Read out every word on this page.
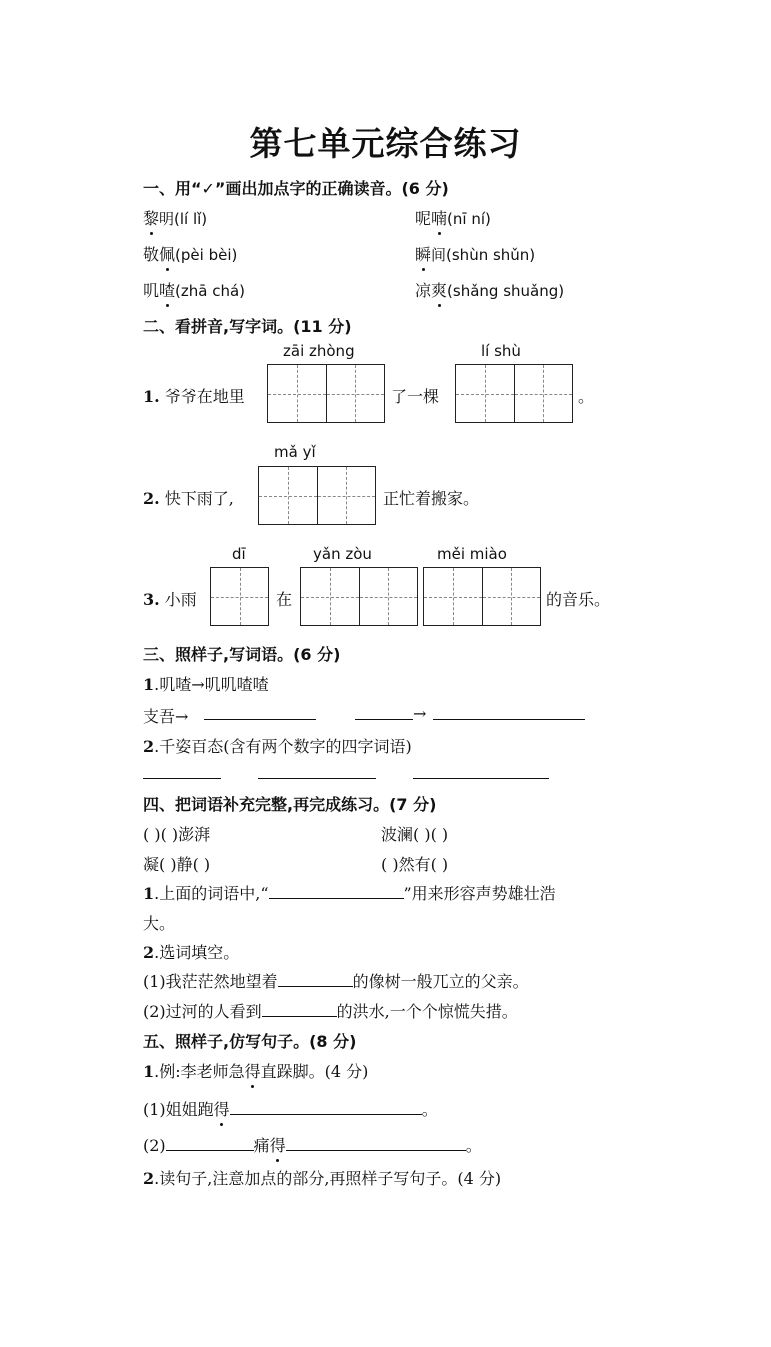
第七单元综合练习
一、用“✓”画出加点字的正确读音。(6 分)
黎明(lí lǐ)	呢喃(nī ní)
敬佩(pèi bèi)	瞬间(shùn shǔn)
叽喳(zhā chá)	凉爽(shǎng shuǎng)
二、看拼音,写字词。(11 分)
zāi zhòng	lí shù
1. 爷爷在地里	了一棵	。
mǎ yǐ
2. 快下雨了,	正忙着搬家。
dī	yǎn zòu	měi miào
3. 小雨	在	的音乐。
三、照样子,写词语。(6 分)
1.叽喳→叽叽喳喳
支吾→	→
2.千姿百态(含有两个数字的四字词语)
四、把词语补充完整,再完成练习。(7 分)
( )( )澎湃	波澜( )( )
凝( )静( )	( )然有( )
1.上面的词语中,“	”用来形容声势雄壮浩
大。
2.选词填空。
(1)我茫茫然地望着	的像树一般兀立的父亲。
(2)过河的人看到	的洪水,一个个惊慌失措。
五、照样子,仿写句子。(8 分)
1.例:李老师急得直跺脚。(4 分)
(1)姐姐跑得	。
(2)	痛得	。
2.读句子,注意加点的部分,再照样子写句子。(4 分)
